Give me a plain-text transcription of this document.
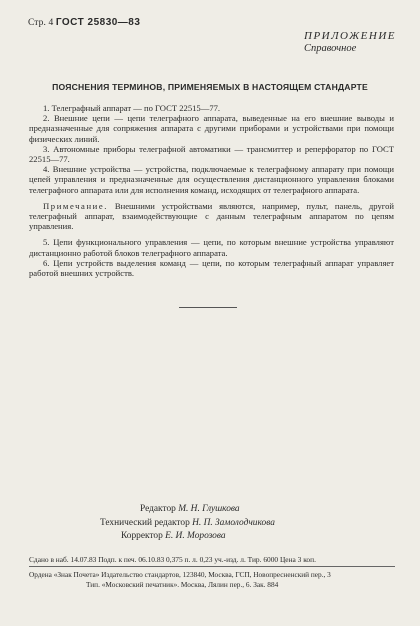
Стр. 4 ГОСТ 25830—83
ПРИЛОЖЕНИЕ
Справочное
ПОЯСНЕНИЯ ТЕРМИНОВ, ПРИМЕНЯЕМЫХ В НАСТОЯЩЕМ СТАНДАРТЕ

1. Телеграфный аппарат — по ГОСТ 22515—77.

2. Внешние цепи — цепи телеграфного аппарата, выведенные на его внешние выводы и предназначенные для сопряжения аппарата с другими приборами и устройствами при помощи физических линий.

3. Автономные приборы телеграфной автоматики — трансмиттер и реперфоратор по ГОСТ 22515—77.

4. Внешние устройства — устройства, подключаемые к телеграфному аппарату при помощи цепей управления и предназначенные для осуществления дистанционного управления блоками телеграфного аппарата или для исполнения команд, исходящих от телеграфного аппарата.

Примечание. Внешними устройствами являются, например, пульт, панель, другой телеграфный аппарат, взаимодействующие с данным телеграфным аппаратом по цепям управления.

5. Цепи функционального управления — цепи, по которым внешние устройства управляют дистанционно работой блоков телеграфного аппарата.

6. Цепи устройств выделения команд — цепи, по которым телеграфный аппарат управляет работой внешних устройств.

Редактор М. Н. Глушкова
Технический редактор Н. П. Замолодчикова
Корректор Е. И. Морозова
Сдано в наб. 14.07.83 Подп. к печ. 06.10.83 0,375 п. л. 0,23 уч.-изд. л. Тир. 6000 Цена 3 коп.
Ордена «Знак Почета» Издательство стандартов, 123840, Москва, ГСП, Новопресненский пер., 3
Тип. «Московский печатник». Москва, Лялин пер., 6. Зак. 884
